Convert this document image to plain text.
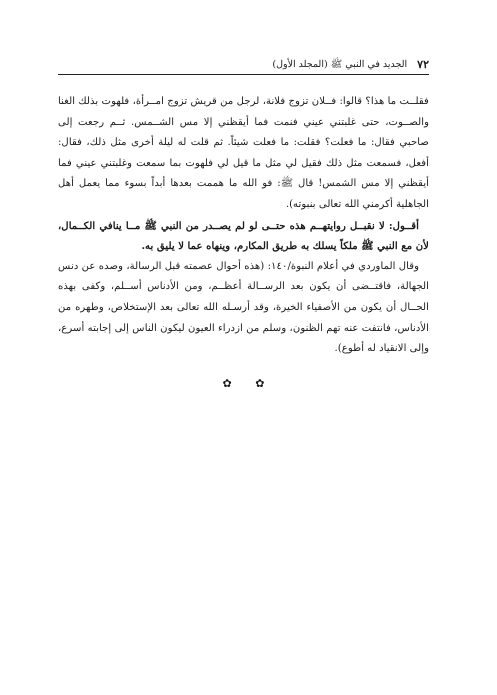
٧٢
الجديد في النبي ﷺ (المجلد الأول)

فقلــت ما هذا؟ قالوا: فــلان تزوج فلانة، لرجل من قريش تزوج امــرأة، فلهوت بذلك الغنا والصــوت، حتى غلبتني عيني فنمت فما أيقظني إلا مس الشــمس. ثــم رجعت إلى صاحبي فقال: ما فعلت؟ فقلت: ما فعلت شيئاً. ثم قلت له ليلة أخرى مثل ذلك، فقال: أفعل، فسمعت مثل ذلك فقيل لي مثل ما قيل لي فلهوت بما سمعت وغلبتني عيني فما أيقظني إلا مس الشمس! قال ﷺ: فو الله ما هممت بعدها أبداً بسوء مما يعمل أهل الجاهلية أكرمني الله تعالى بنبوته).

أقــول: لا نقبــل روايتهــم هذه حتــى لو لم يصــدر من النبي ﷺ مــا ينافي الكــمال، لأن مع النبي ﷺ ملكاً يسلك به طريق المكارم، وينهاه عما لا يليق به.

وقال الماوردي في أعلام النبوة/١٤٠: (هذه أحوال عصمته قبل الرسالة، وصده عن دنس الجهالة، فاقتــضى أن يكون بعد الرســالة أعظــم، ومن الأدناس أســلم، وكفى بهذه الحــال أن يكون من الأصفياء الخيرة، وقد أرسـله الله تعالى بعد الإستخلاص، وطهره من الأدناس، فانتفت عنه تهم الظنون، وسلم من ازدراء العيون ليكون الناس إلى إجابته أسرع، وإلى الانقياد له أطوع).

✿ ✿
